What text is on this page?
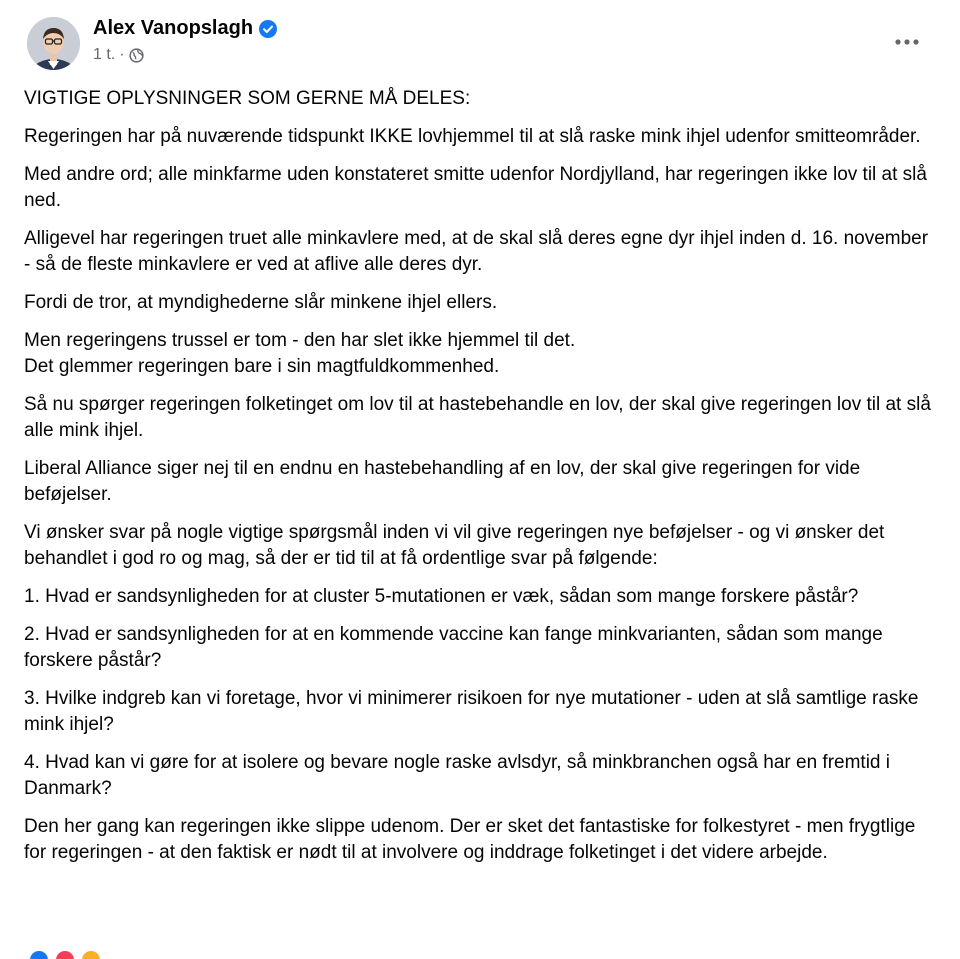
Alex Vanopslagh
1 t. ·

VIGTIGE OPLYSNINGER SOM GERNE MÅ DELES:

Regeringen har på nuværende tidspunkt IKKE lovhjemmel til at slå raske mink ihjel udenfor smitteområder.

Med andre ord; alle minkfarme uden konstateret smitte udenfor Nordjylland, har regeringen ikke lov til at slå ned.

Alligevel har regeringen truet alle minkavlere med, at de skal slå deres egne dyr ihjel inden d. 16. november - så de fleste minkavlere er ved at aflive alle deres dyr.

Fordi de tror, at myndighederne slår minkene ihjel ellers.

Men regeringens trussel er tom - den har slet ikke hjemmel til det.
Det glemmer regeringen bare i sin magtfuldkommenhed.

Så nu spørger regeringen folketinget om lov til at hastebehandle en lov, der skal give regeringen lov til at slå alle mink ihjel.

Liberal Alliance siger nej til en endnu en hastebehandling af en lov, der skal give regeringen for vide beføjelser.

Vi ønsker svar på nogle vigtige spørgsmål inden vi vil give regeringen nye beføjelser - og vi ønsker det behandlet i god ro og mag, så der er tid til at få ordentlige svar på følgende:

1. Hvad er sandsynligheden for at cluster 5-mutationen er væk, sådan som mange forskere påstår?

2. Hvad er sandsynligheden for at en kommende vaccine kan fange minkvarianten, sådan som mange forskere påstår?

3. Hvilke indgreb kan vi foretage, hvor vi minimerer risikoen for nye mutationer - uden at slå samtlige raske mink ihjel?

4. Hvad kan vi gøre for at isolere og bevare nogle raske avlsdyr, så minkbranchen også har en fremtid i Danmark?

Den her gang kan regeringen ikke slippe udenom. Der er sket det fantastiske for folkestyret - men frygtlige for regeringen - at den faktisk er nødt til at involvere og inddrage folketinget i det videre arbejde.
